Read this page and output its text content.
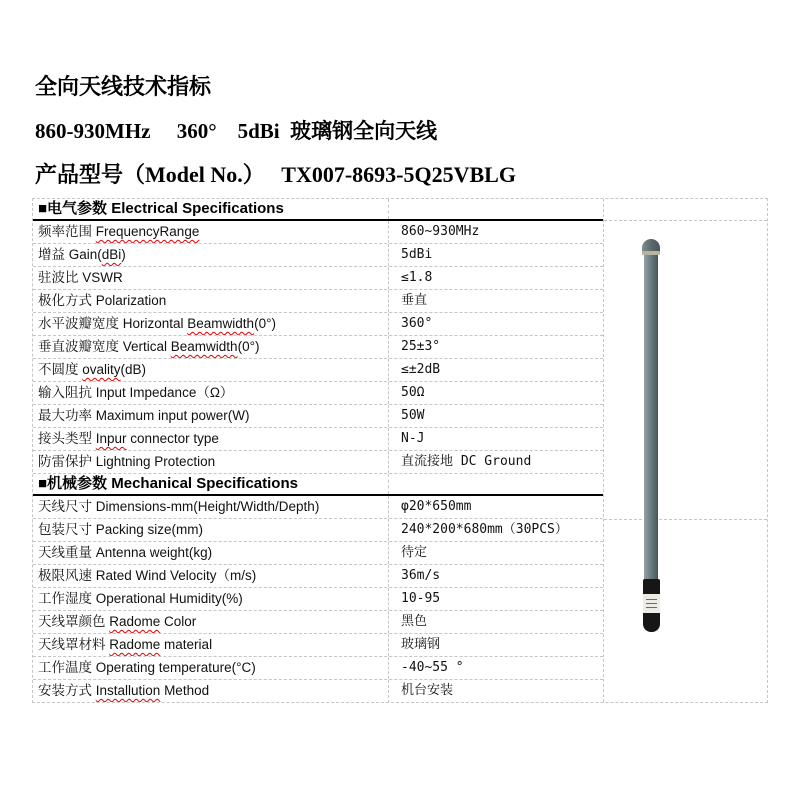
全向天线技术指标
860-930MHz     360°    5dBi  玻璃钢全向天线
产品型号（Model No.） TX007-8693-5Q25VBLG
■电气参数 Electrical Specifications
频率范围 FrequencyRange	860~930MHz
增益 Gain(dBi)	5dBi
驻波比 VSWR	≤1.8
极化方式 Polarization	垂直
水平波瓣宽度 Horizontal Beamwidth(0°)	360°
垂直波瓣宽度 Vertical Beamwidth(0°)	25±3°
不圆度 ovality(dB)	≤±2dB
输入阻抗 Input Impedance（Ω）	50Ω
最大功率 Maximum input power(W)	50W
接头类型 Inpur connector type	N-J
防雷保护 Lightning Protection	直流接地 DC Ground
■机械参数 Mechanical Specifications
天线尺寸 Dimensions-mm(Height/Width/Depth)	φ20*650mm
包装尺寸 Packing size(mm)	240*200*680mm（30PCS）
天线重量 Antenna weight(kg)	待定
极限风速 Rated Wind Velocity（m/s)	36m/s
工作湿度 Operational Humidity(%)	10-95
天线罩颜色 Radome Color	黑色
天线罩材料 Radome material	玻璃钢
工作温度 Operating temperature(°C)	-40~55 °
安装方式 Installution Method	机台安装
